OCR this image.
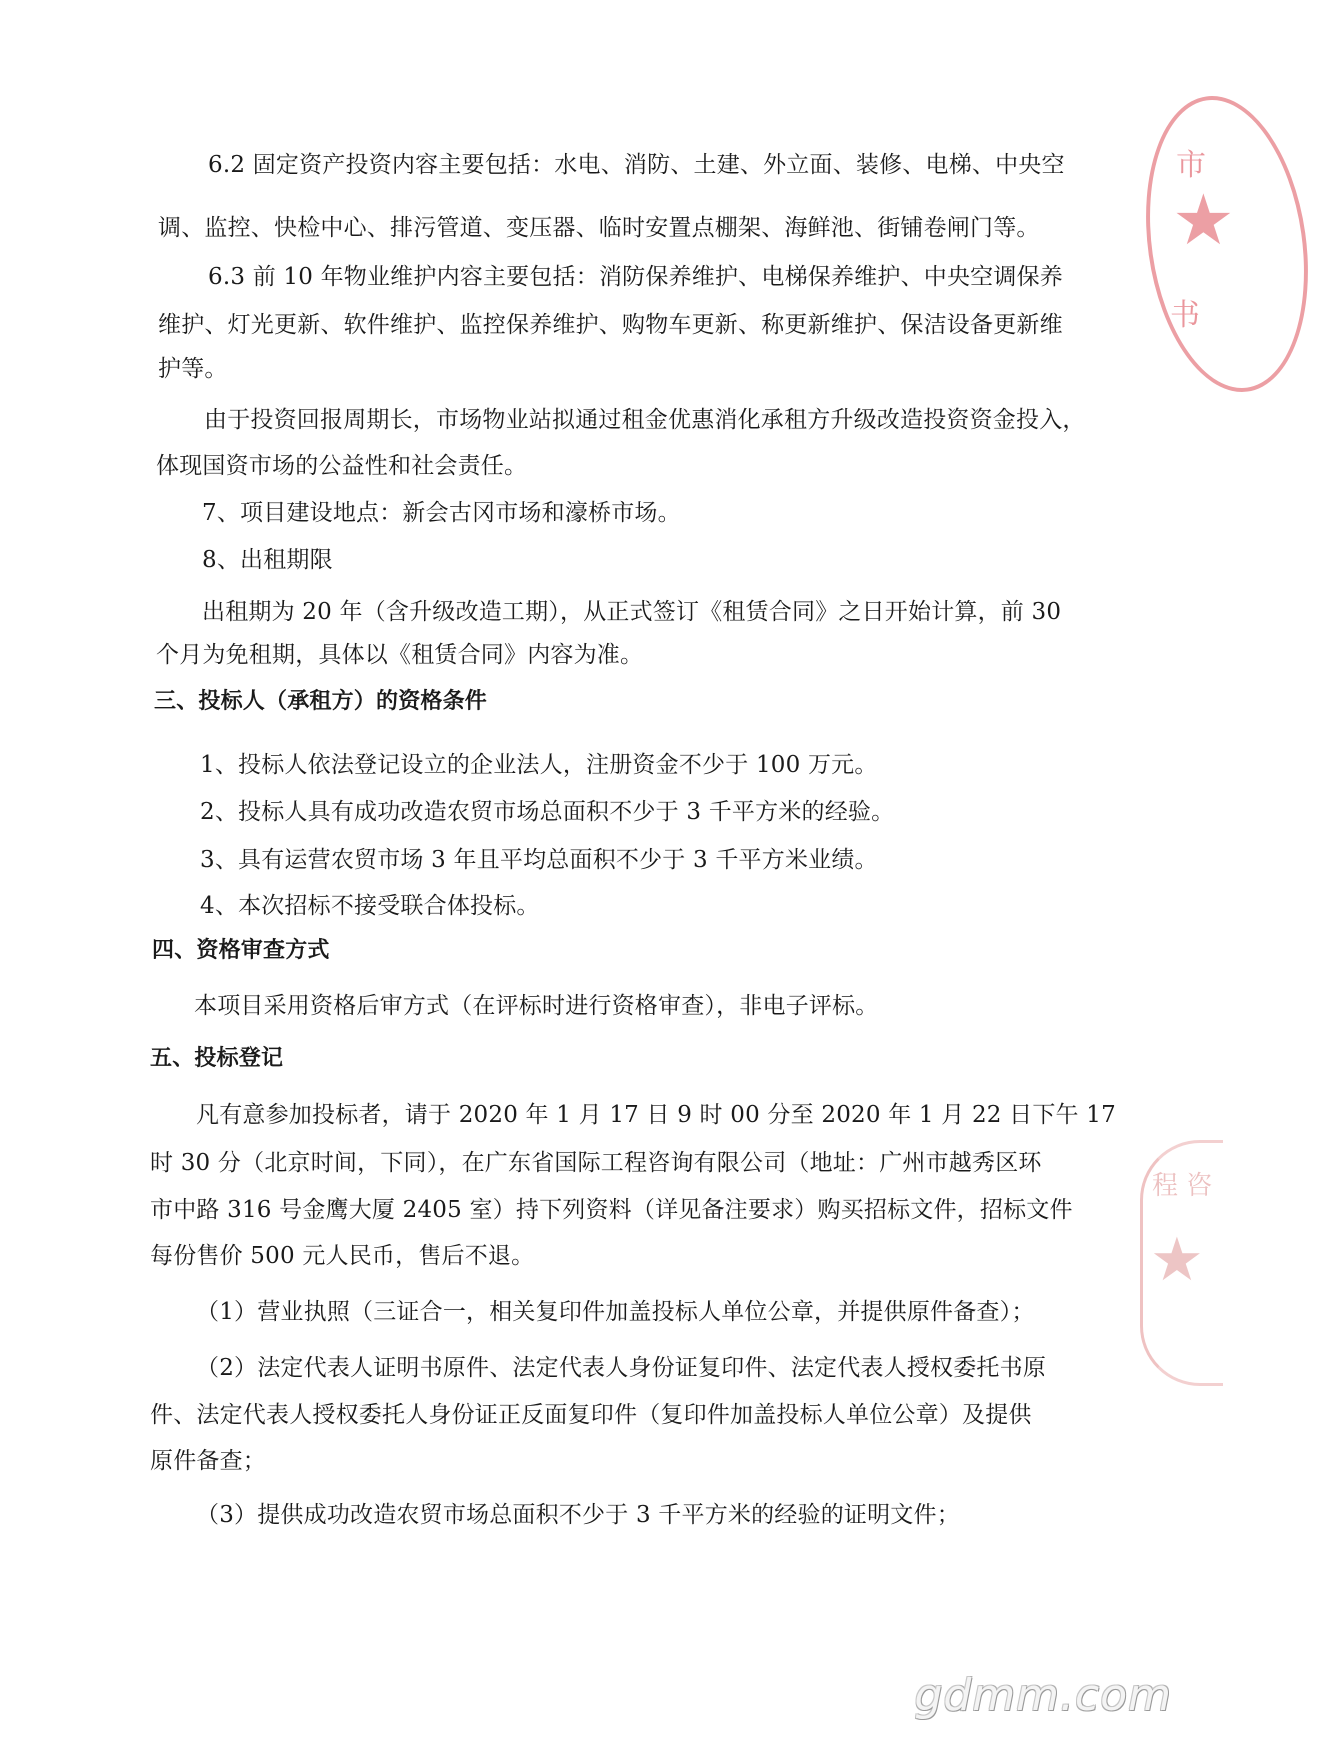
6.2 固定资产投资内容主要包括：水电、消防、土建、外立面、装修、电梯、中央空
调、监控、快检中心、排污管道、变压器、临时安置点棚架、海鲜池、街铺卷闸门等。
6.3 前 10 年物业维护内容主要包括：消防保养维护、电梯保养维护、中央空调保养
维护、灯光更新、软件维护、监控保养维护、购物车更新、称更新维护、保洁设备更新维
护等。
由于投资回报周期长，市场物业站拟通过租金优惠消化承租方升级改造投资资金投入，
体现国资市场的公益性和社会责任。
7、项目建设地点：新会古冈市场和濠桥市场。
8、出租期限
出租期为 20 年（含升级改造工期），从正式签订《租赁合同》之日开始计算，前 30
个月为免租期，具体以《租赁合同》内容为准。
三、投标人（承租方）的资格条件
1、投标人依法登记设立的企业法人，注册资金不少于 100 万元。
2、投标人具有成功改造农贸市场总面积不少于 3 千平方米的经验。
3、具有运营农贸市场 3 年且平均总面积不少于 3 千平方米业绩。
4、本次招标不接受联合体投标。
四、资格审查方式
本项目采用资格后审方式（在评标时进行资格审查），非电子评标。
五、投标登记
凡有意参加投标者，请于 2020 年 1 月 17 日 9 时 00 分至 2020 年 1 月 22 日下午 17
时 30 分（北京时间，下同），在广东省国际工程咨询有限公司（地址：广州市越秀区环
市中路 316 号金鹰大厦 2405 室）持下列资料（详见备注要求）购买招标文件，招标文件
每份售价 500 元人民币，售后不退。
（1）营业执照（三证合一，相关复印件加盖投标人单位公章，并提供原件备查）；
（2）法定代表人证明书原件、法定代表人身份证复印件、法定代表人授权委托书原
件、法定代表人授权委托人身份证正反面复印件（复印件加盖投标人单位公章）及提供
原件备查；
（3）提供成功改造农贸市场总面积不少于 3 千平方米的经验的证明文件；
市
★
书
程 咨
★
gdmm.com
